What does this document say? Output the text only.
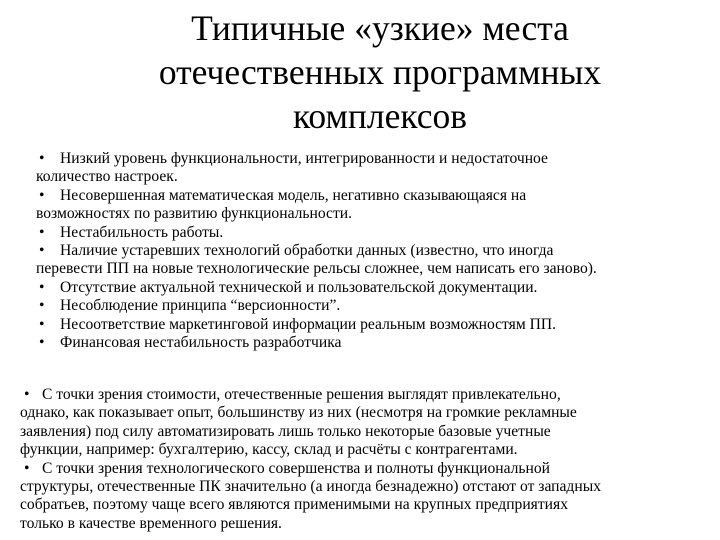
Типичные «узкие» места
отечественных программных
комплексов
• Низкий уровень функциональности, интегрированности и недостаточное
количество настроек.
• Несовершенная математическая модель, негативно сказывающаяся на
возможностях по развитию функциональности.
• Нестабильность работы.
• Наличие устаревших технологий обработки данных (известно, что иногда
перевести ПП на новые технологические рельсы сложнее, чем написать его заново).
• Отсутствие актуальной технической и пользовательской документации.
• Несоблюдение принципа “версионности”.
• Несоответствие маркетинговой информации реальным возможностям ПП.
• Финансовая нестабильность разработчика
• С точки зрения стоимости, отечественные решения выглядят привлекательно,
однако, как показывает опыт, большинству из них (несмотря на громкие рекламные
заявления) под силу автоматизировать лишь только некоторые базовые учетные
функции, например: бухгалтерию, кассу, склад и расчёты с контрагентами.
• С точки зрения технологического совершенства и полноты функциональной
структуры, отечественные ПК значительно (а иногда безнадежно) отстают от западных
собратьев, поэтому чаще всего являются применимыми на крупных предприятиях
только в качестве временного решения.
